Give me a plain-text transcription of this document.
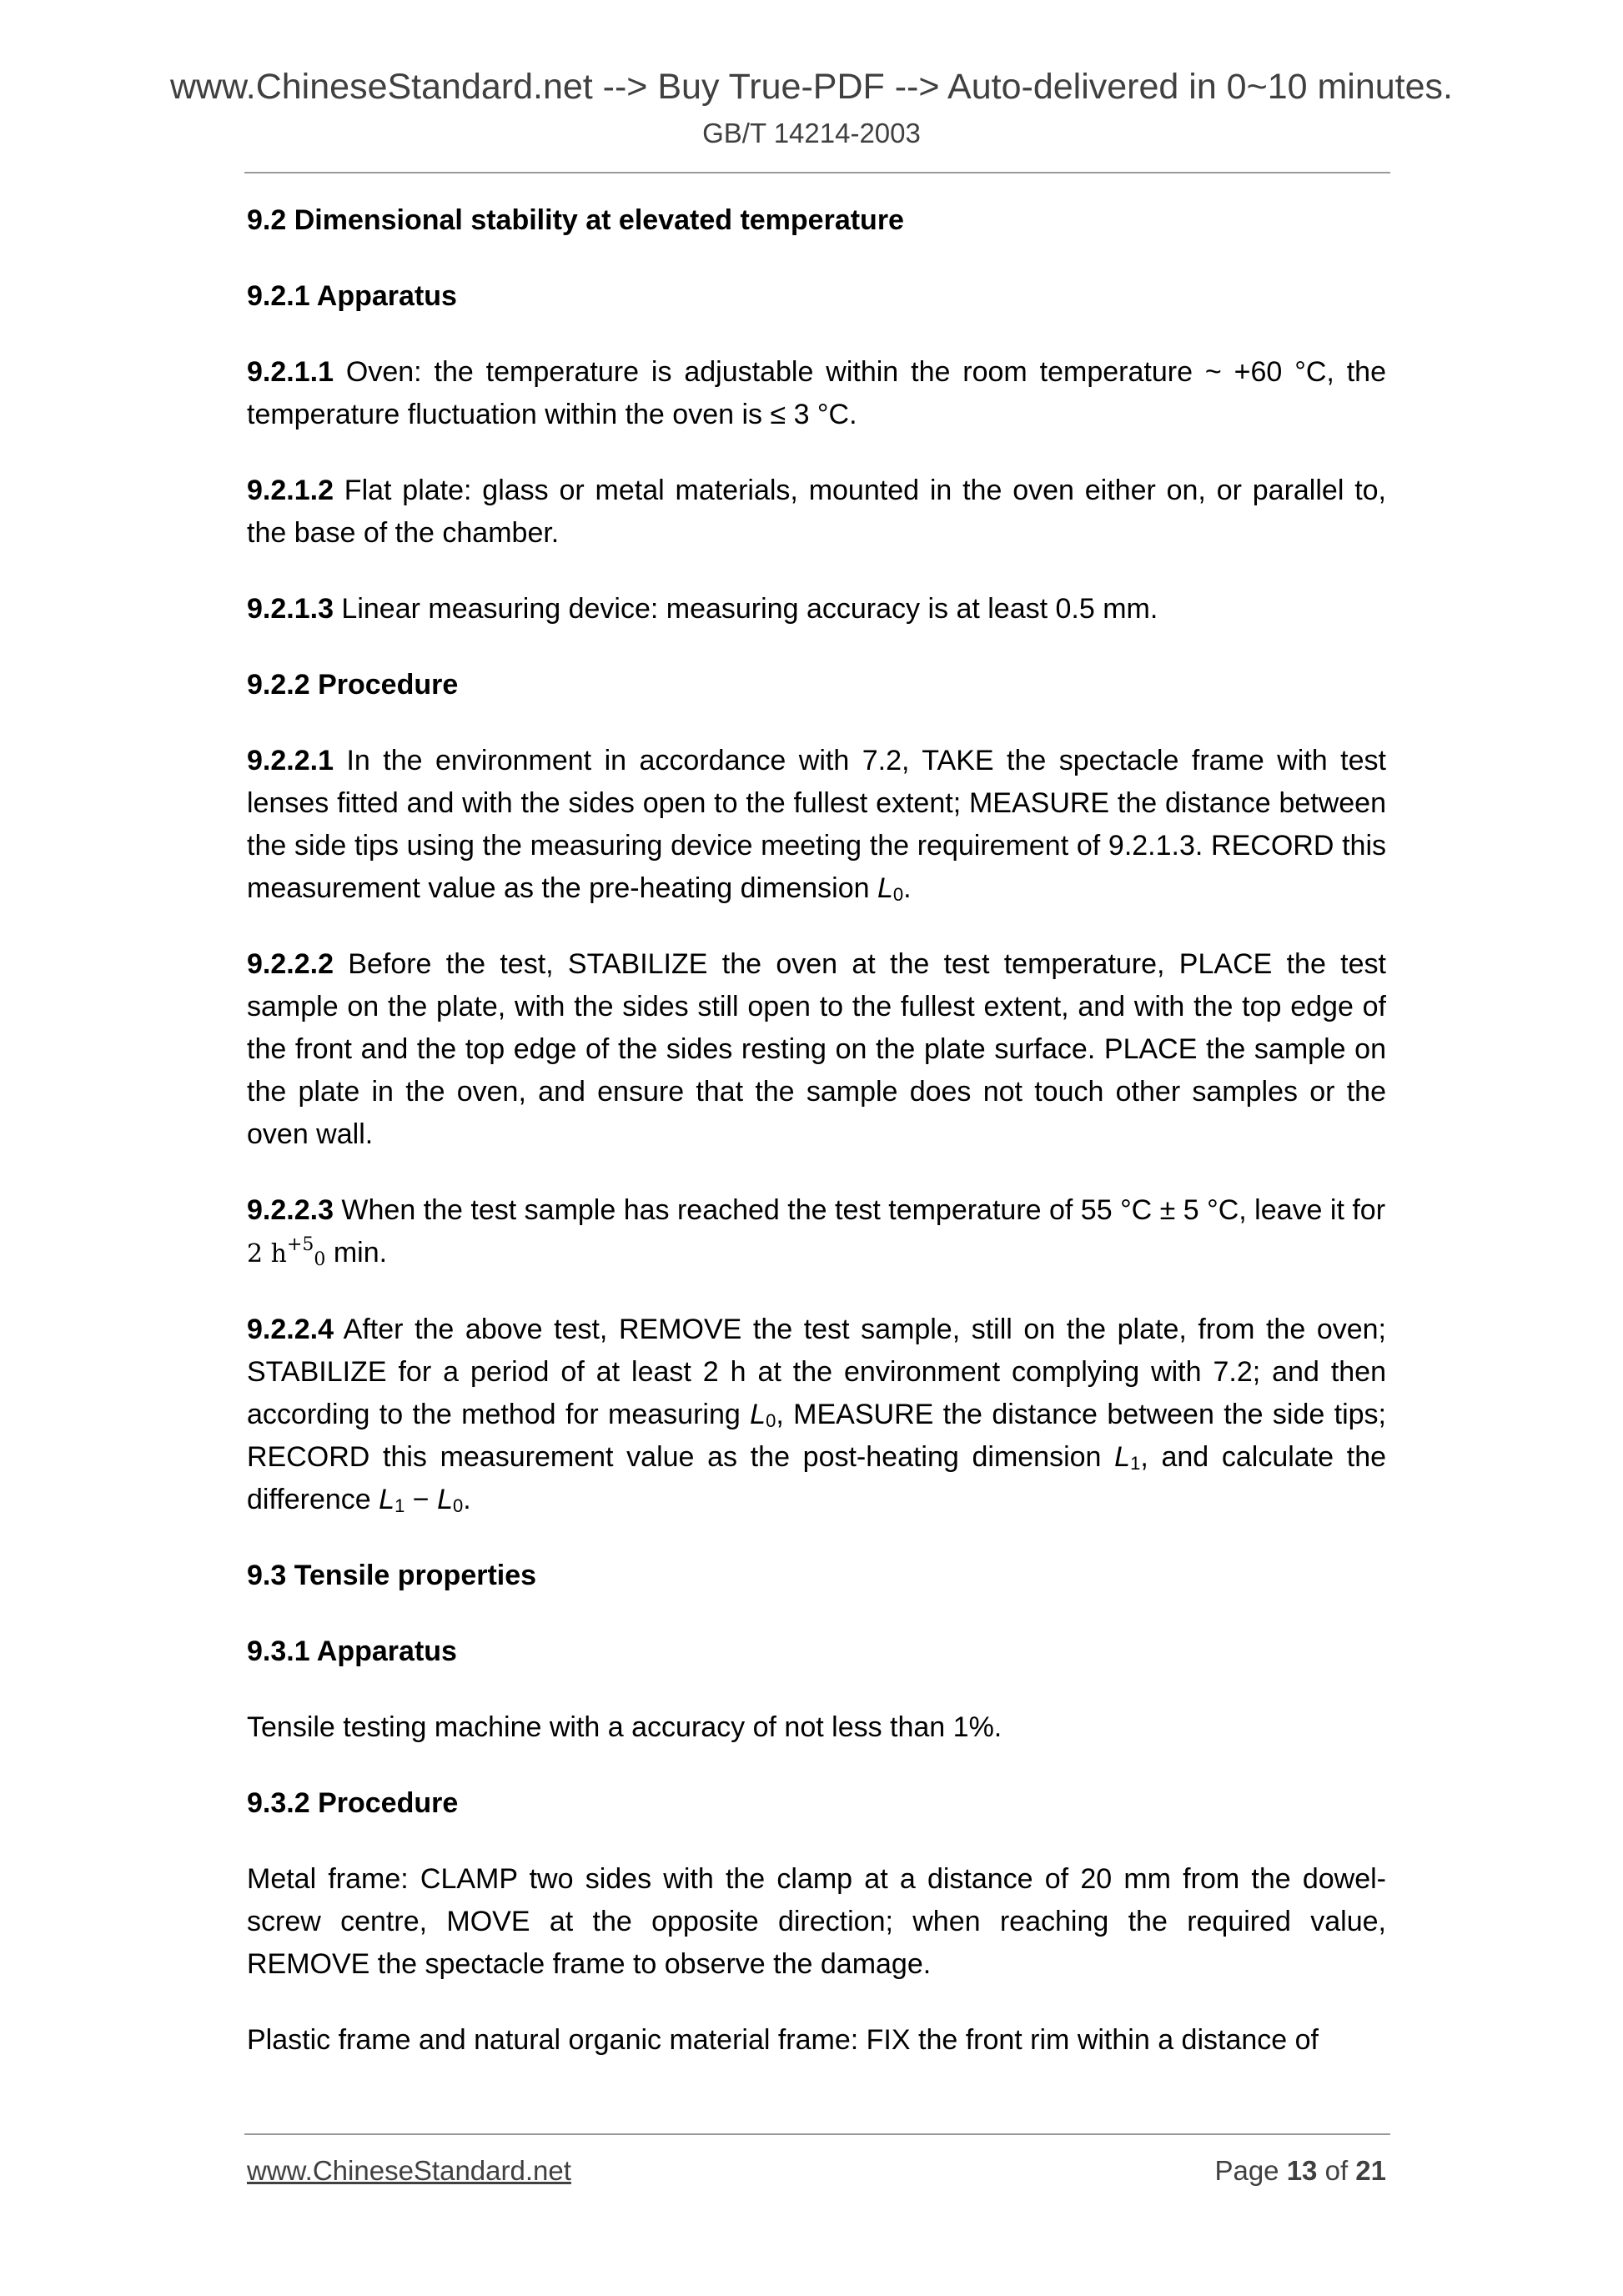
www.ChineseStandard.net --> Buy True-PDF --> Auto-delivered in 0~10 minutes.
GB/T 14214-2003
9.2 Dimensional stability at elevated temperature
9.2.1 Apparatus

9.2.1.1 Oven: the temperature is adjustable within the room temperature ~ +60 °C, the temperature fluctuation within the oven is ≤ 3 °C.

9.2.1.2 Flat plate: glass or metal materials, mounted in the oven either on, or parallel to, the base of the chamber.

9.2.1.3 Linear measuring device: measuring accuracy is at least 0.5 mm.

9.2.2 Procedure

9.2.2.1 In the environment in accordance with 7.2, TAKE the spectacle frame with test lenses fitted and with the sides open to the fullest extent; MEASURE the distance between the side tips using the measuring device meeting the requirement of 9.2.1.3. RECORD this measurement value as the pre-heating dimension $L_0$.

9.2.2.2 Before the test, STABILIZE the oven at the test temperature, PLACE the test sample on the plate, with the sides still open to the fullest extent, and with the top edge of the front and the top edge of the sides resting on the plate surface. PLACE the sample on the plate in the oven, and ensure that the sample does not touch other samples or the oven wall.

9.2.2.3 When the test sample has reached the test temperature of 55 °C ± 5 °C, leave it for 2 $h^{+5}_0$ min.

9.2.2.4 After the above test, REMOVE the test sample, still on the plate, from the oven; STABILIZE for a period of at least 2 h at the environment complying with 7.2; and then according to the method for measuring $L_0$, MEASURE the distance between the side tips; RECORD this measurement value as the post-heating dimension $L_1$, and calculate the difference $L_1 - L_0$.

9.3 Tensile properties
9.3.1 Apparatus

Tensile testing machine with a accuracy of not less than 1%.

9.3.2 Procedure

Metal frame: CLAMP two sides with the clamp at a distance of 20 mm from the dowel-screw centre, MOVE at the opposite direction; when reaching the required value, REMOVE the spectacle frame to observe the damage.

Plastic frame and natural organic material frame: FIX the front rim within a distance of

www.ChineseStandard.net	Page 13 of 21
